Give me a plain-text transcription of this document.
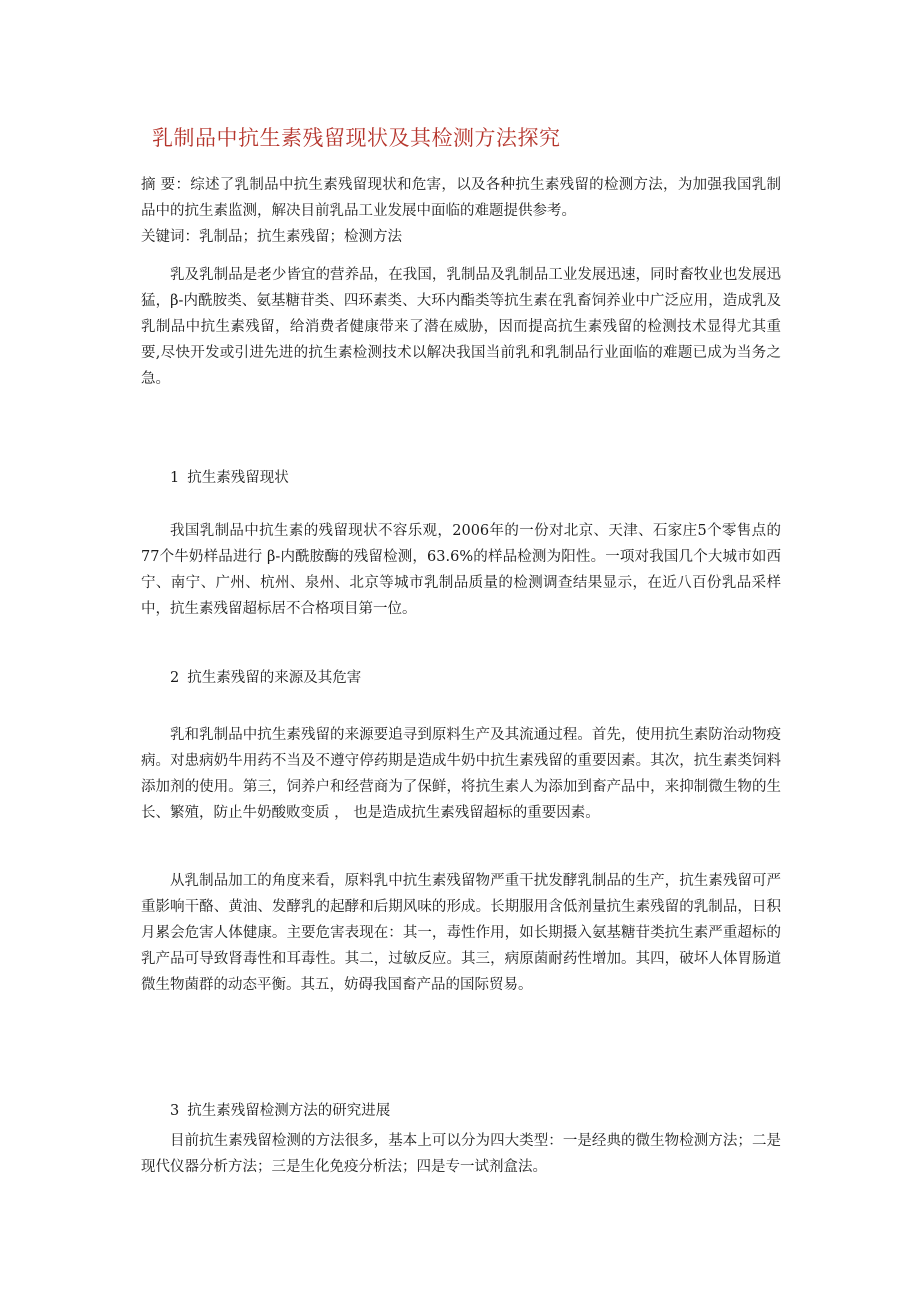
乳制品中抗生素残留现状及其检测方法探究
摘 要：综述了乳制品中抗生素残留现状和危害，以及各种抗生素残留的检测方法，为加强我国乳制品中的抗生素监测，解决目前乳品工业发展中面临的难题提供参考。
关键词：乳制品；抗生素残留；检测方法
乳及乳制品是老少皆宜的营养品，在我国，乳制品及乳制品工业发展迅速，同时畜牧业也发展迅猛，β-内酰胺类、氨基糖苷类、四环素类、大环内酯类等抗生素在乳畜饲养业中广泛应用，造成乳及乳制品中抗生素残留，给消费者健康带来了潜在威胁，因而提高抗生素残留的检测技术显得尤其重要,尽快开发或引进先进的抗生素检测技术以解决我国当前乳和乳制品行业面临的难题已成为当务之急。
1 抗生素残留现状
我国乳制品中抗生素的残留现状不容乐观，2006年的一份对北京、天津、石家庄5个零售点的77个牛奶样品进行 β-内酰胺酶的残留检测，63.6%的样品检测为阳性。一项对我国几个大城市如西宁、南宁、广州、杭州、泉州、北京等城市乳制品质量的检测调查结果显示，在近八百份乳品采样中，抗生素残留超标居不合格项目第一位。
2 抗生素残留的来源及其危害
乳和乳制品中抗生素残留的来源要追寻到原料生产及其流通过程。首先，使用抗生素防治动物疫病。对患病奶牛用药不当及不遵守停药期是造成牛奶中抗生素残留的重要因素。其次，抗生素类饲料添加剂的使用。第三，饲养户和经营商为了保鲜，将抗生素人为添加到畜产品中，来抑制微生物的生长、繁殖，防止牛奶酸败变质 ， 也是造成抗生素残留超标的重要因素。
从乳制品加工的角度来看，原料乳中抗生素残留物严重干扰发酵乳制品的生产，抗生素残留可严重影响干酪、黄油、发酵乳的起酵和后期风味的形成。长期服用含低剂量抗生素残留的乳制品，日积月累会危害人体健康。主要危害表现在：其一，毒性作用，如长期摄入氨基糖苷类抗生素严重超标的乳产品可导致肾毒性和耳毒性。其二，过敏反应。其三，病原菌耐药性增加。其四，破坏人体胃肠道微生物菌群的动态平衡。其五，妨碍我国畜产品的国际贸易。
3 抗生素残留检测方法的研究进展
目前抗生素残留检测的方法很多，基本上可以分为四大类型：一是经典的微生物检测方法；二是现代仪器分析方法；三是生化免疫分析法；四是专一试剂盒法。
